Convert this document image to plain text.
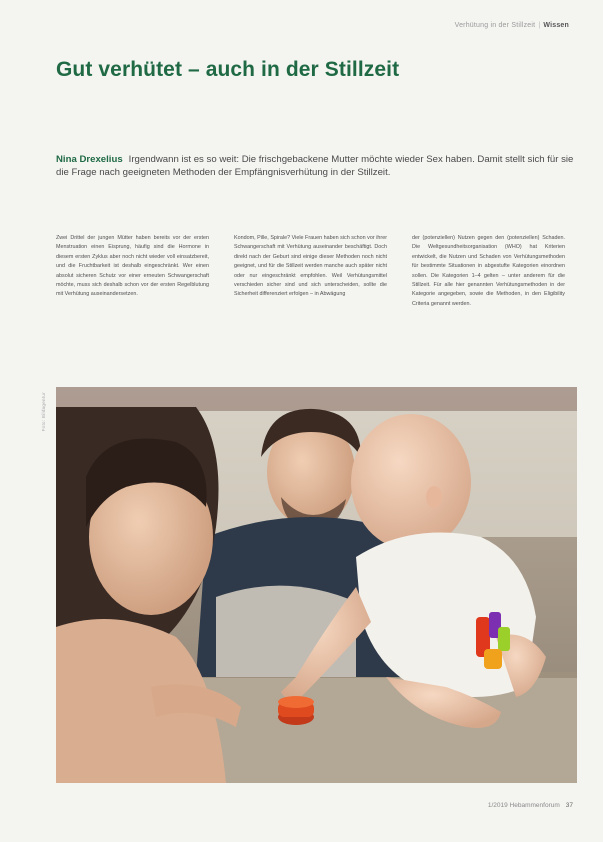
Verhütung in der Stillzeit | Wissen
Gut verhütet – auch in der Stillzeit

Nina Drexelius Irgendwann ist es so weit: Die frischgebackene Mutter möchte wieder Sex haben. Damit stellt sich für sie die Frage nach geeigneten Methoden der Empfängnisverhütung in der Stillzeit.

Zwei Drittel der jungen Mütter haben bereits vor der ersten Menstruation einen Eisprung, häufig sind die Hormone in diesem ersten Zyklus aber noch nicht wieder voll einsatzbereit, und die Fruchtbarkeit ist deshalb eingeschränkt. Wer einen absolut sicheren Schutz vor einer erneuten Schwangerschaft möchte, muss sich deshalb schon vor der ersten Regelblutung mit Verhütung auseinandersetzen.
Kondom, Pille, Spirale? Viele Frauen haben sich schon vor ihrer Schwangerschaft mit Verhütung auseinander beschäftigt. Doch direkt nach der Geburt sind einige dieser Methoden noch nicht geeignet, und für die Stillzeit werden manche auch später nicht oder nur eingeschränkt empfohlen. Weil Verhütungsmittel verschieden sicher sind und sich unterscheiden, sollte die Sicherheit differenziert erfolgen – in Abwägung
der (potenziellen) Nutzen gegen den (potenziellen) Schaden. Die Weltgesundheitsorganisation (WHO) hat Kriterien entwickelt, die Nutzen und Schaden von Verhütungsmethoden für bestimmte Situationen in abgestufte Kategorien einordnen sollen. Die Kategorien 1–4 gelten – unter anderem für die Stillzeit. Für alle hier genannten Verhütungsmethoden in der Kategorie angegeben, sowie die Methoden, in den Eligibility Criteria genannt werden.
Foto: Bildagentur
1/2019 Hebammenforum 37
